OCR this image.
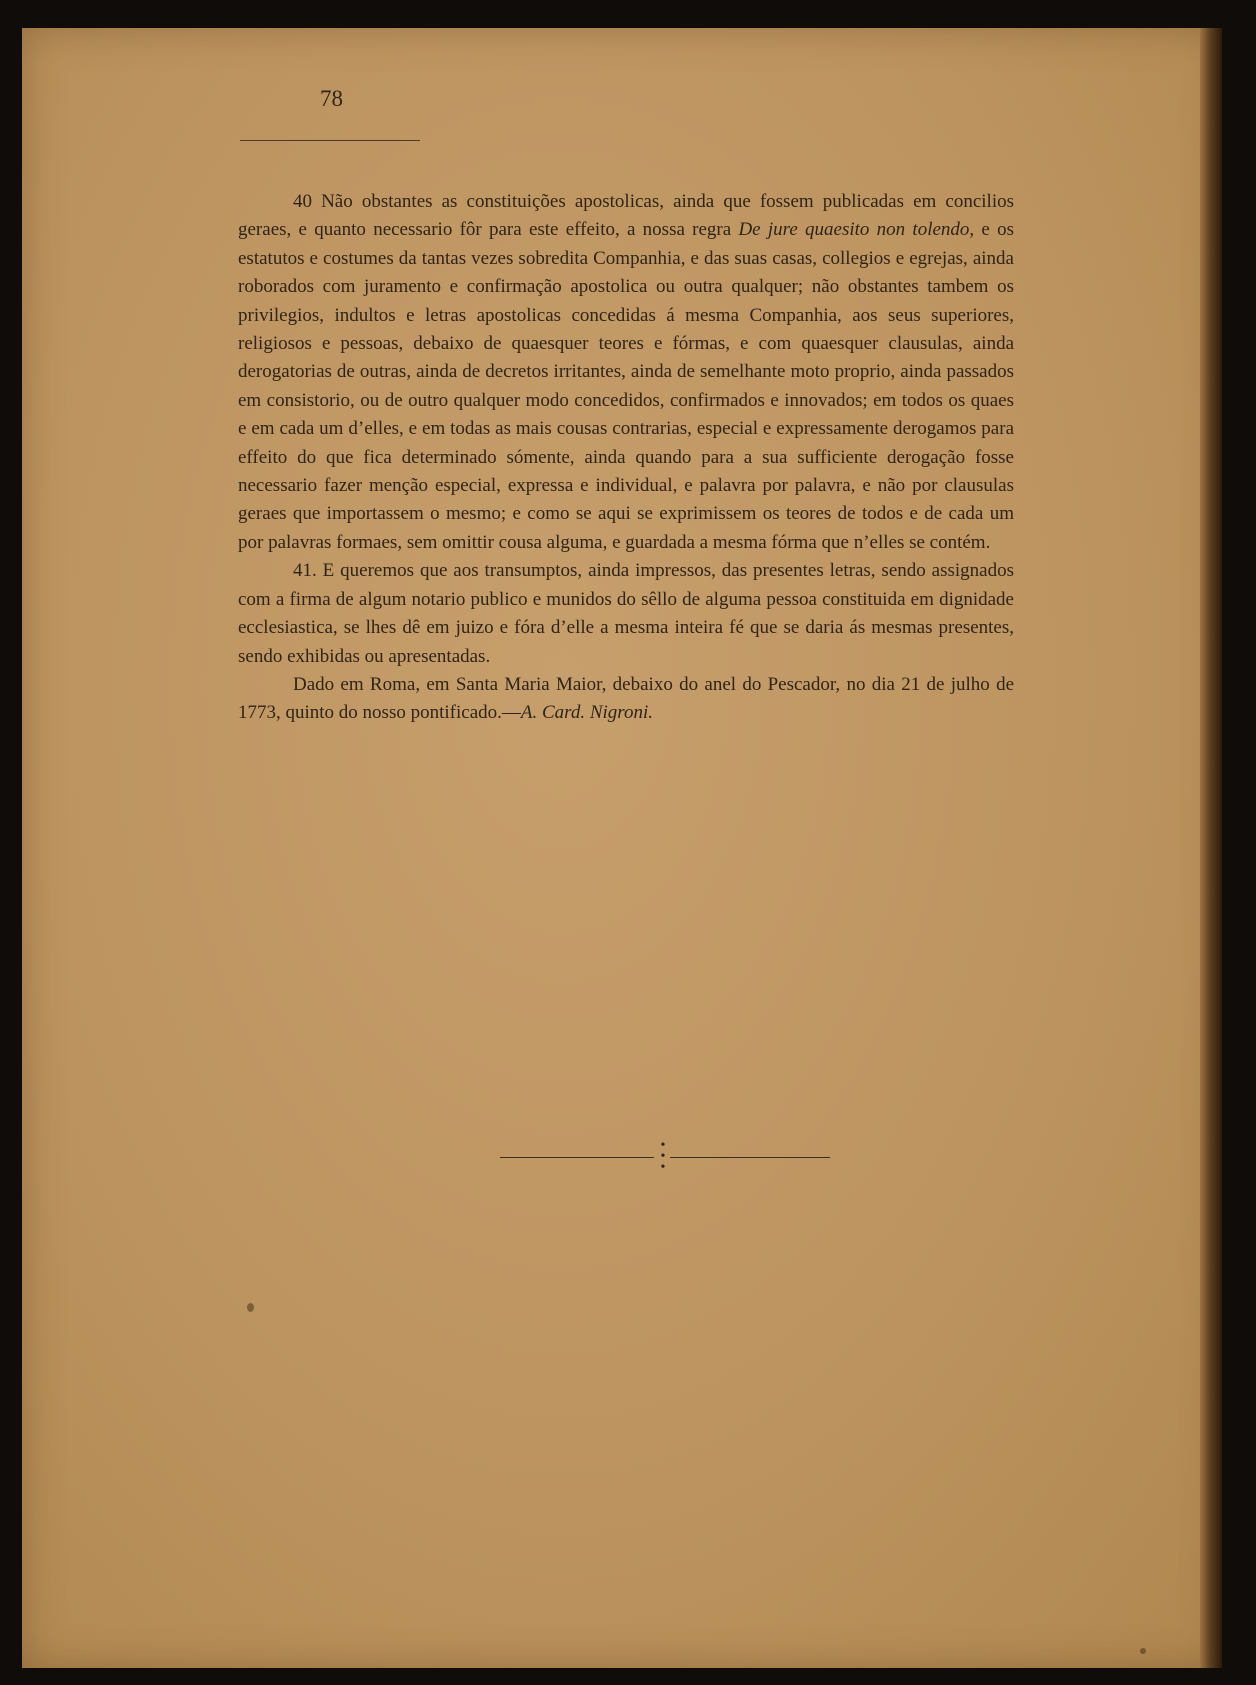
78

40 Não obstantes as constituições apostolicas, ainda que fossem publicadas em concilios geraes, e quanto necessario fôr para este effeito, a nossa regra De jure quaesito non tolendo, e os estatutos e costumes da tantas vezes sobredita Companhia, e das suas casas, collegios e egrejas, ainda roborados com juramento e confirmação apostolica ou outra qualquer; não obstantes tambem os privilegios, indultos e letras apostolicas concedidas á mesma Companhia, aos seus superiores, religiosos e pessoas, debaixo de quaesquer teores e fórmas, e com quaesquer clausulas, ainda derogatorias de outras, ainda de decretos irritantes, ainda de semelhante moto proprio, ainda passados em consistorio, ou de outro qualquer modo concedidos, confirmados e innovados; em todos os quaes e em cada um d’elles, e em todas as mais cousas contrarias, especial e expressamente derogamos para effeito do que fica determinado sómente, ainda quando para a sua sufficiente derogação fosse necessario fazer menção especial, expressa e individual, e palavra por palavra, e não por clausulas geraes que importassem o mesmo; e como se aqui se exprimissem os teores de todos e de cada um por palavras formaes, sem omittir cousa alguma, e guardada a mesma fórma que n’elles se contém.

41. E queremos que aos transumptos, ainda impressos, das presentes letras, sendo assignados com a firma de algum notario publico e munidos do sêllo de alguma pessoa constituida em dignidade ecclesiastica, se lhes dê em juizo e fóra d’elle a mesma inteira fé que se daria ás mesmas presentes, sendo exhibidas ou apresentadas.

Dado em Roma, em Santa Maria Maior, debaixo do anel do Pescador, no dia 21 de julho de 1773, quinto do nosso pontificado.—A. Card. Nigroni.

•
•
•
